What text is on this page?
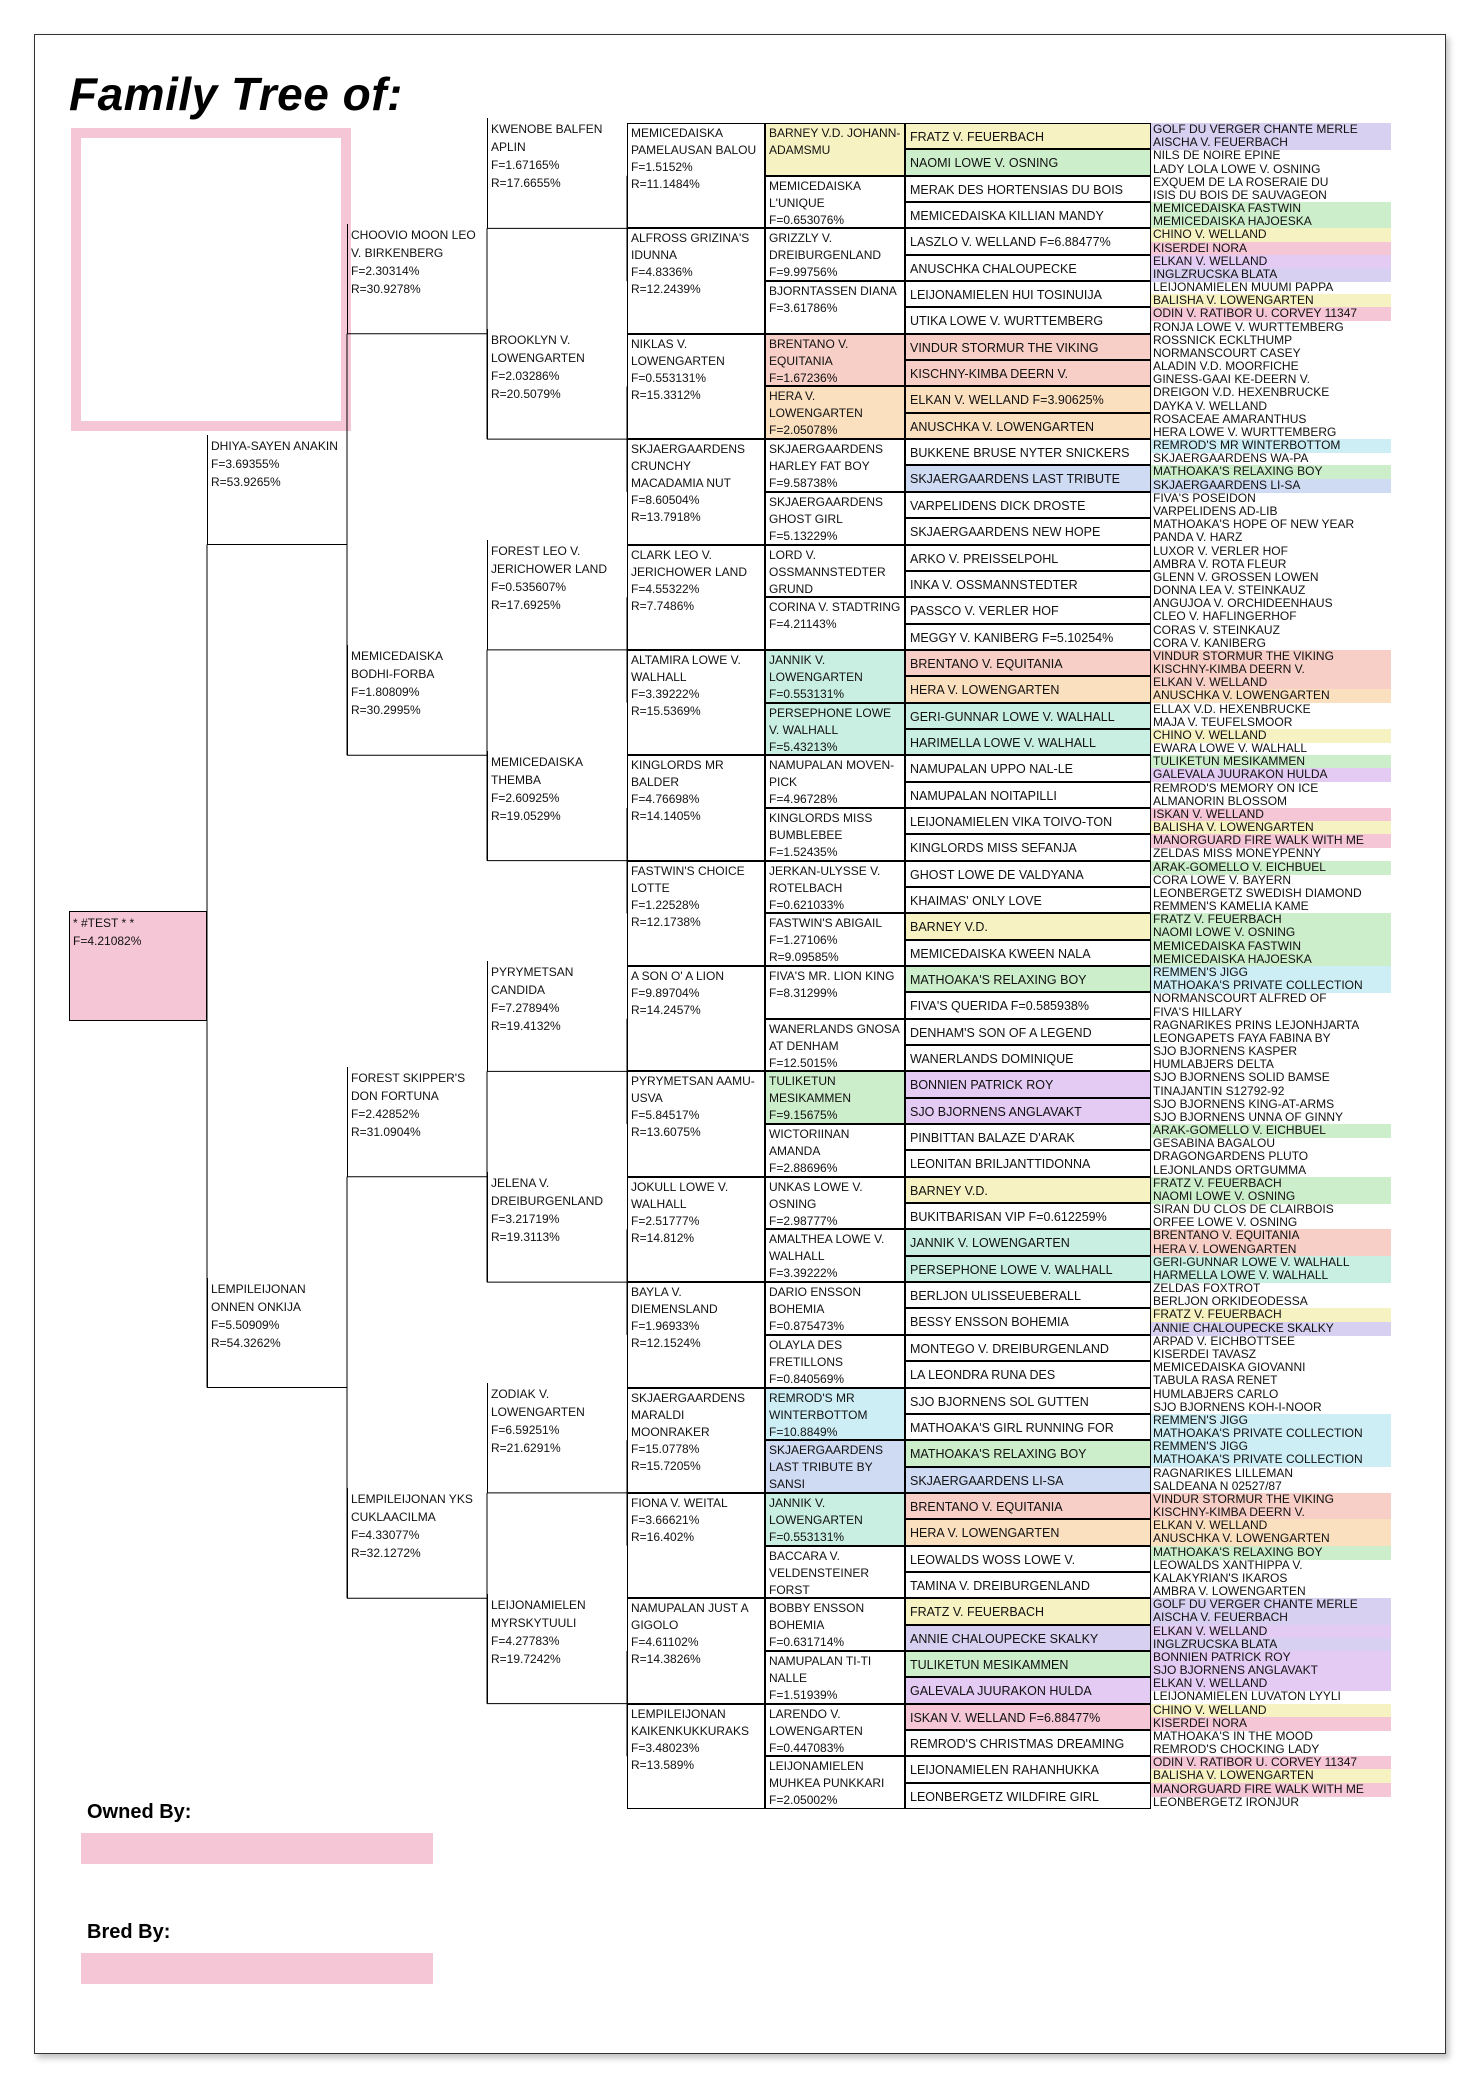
Family Tree of:
Owned By:
Bred By:
* #TEST * *
F=4.21082%
DHIYA-SAYEN ANAKIN
F=3.69355%
R=53.9265%
LEMPILEIJONAN ONNEN ONKIJA
F=5.50909%
R=54.3262%
CHOOVIO MOON LEO V. BIRKENBERG
F=2.30314%
R=30.9278%
MEMICEDAISKA BODHI-FORBA
F=1.80809%
R=30.2995%
FOREST SKIPPER'S DON FORTUNA
F=2.42852%
R=31.0904%
LEMPILEIJONAN YKS CUKLAACILMA
F=4.33077%
R=32.1272%
KWENOBE BALFEN APLIN
F=1.67165%
R=17.6655%
BROOKLYN V. LOWENGARTEN
F=2.03286%
R=20.5079%
FOREST LEO V. JERICHOWER LAND
F=0.535607%
R=17.6925%
MEMICEDAISKA THEMBA
F=2.60925%
R=19.0529%
PYRYMETSAN CANDIDA
F=7.27894%
R=19.4132%
JELENA V. DREIBURGENLAND
F=3.21719%
R=19.3113%
ZODIAK V. LOWENGARTEN
F=6.59251%
R=21.6291%
LEIJONAMIELEN MYRSKYTUULI
F=4.27783%
R=19.7242%
MEMICEDAISKA PAMELAUSAN BALOU
F=1.5152%
R=11.1484%
ALFROSS GRIZINA'S IDUNNA
F=4.8336%
R=12.2439%
NIKLAS V. LOWENGARTEN
F=0.553131%
R=15.3312%
SKJAERGAARDENS CRUNCHY MACADAMIA NUT
F=8.60504%
R=13.7918%
CLARK LEO V. JERICHOWER LAND
F=4.55322%
R=7.7486%
ALTAMIRA LOWE V. WALHALL
F=3.39222%
R=15.5369%
KINGLORDS MR BALDER
F=4.76698%
R=14.1405%
FASTWIN'S CHOICE LOTTE
F=1.22528%
R=12.1738%
A SON O' A LION
F=9.89704%
R=14.2457%
PYRYMETSAN AAMU-USVA
F=5.84517%
R=13.6075%
JOKULL LOWE V. WALHALL
F=2.51777%
R=14.812%
BAYLA V. DIEMENSLAND
F=1.96933%
R=12.1524%
SKJAERGAARDENS MARALDI MOONRAKER
F=15.0778%
R=15.7205%
FIONA V. WEITAL
F=3.66621%
R=16.402%
NAMUPALAN JUST A GIGOLO
F=4.61102%
R=14.3826%
LEMPILEIJONAN KAIKENKUKKURAKS
F=3.48023%
R=13.589%
BARNEY V.D. JOHANN-ADAMSMU
MEMICEDAISKA L'UNIQUE
F=0.653076%
GRIZZLY V. DREIBURGENLAND
F=9.99756%
BJORNTASSEN DIANA
F=3.61786%
BRENTANO V. EQUITANIA
F=1.67236%
HERA V. LOWENGARTEN
F=2.05078%
SKJAERGAARDENS HARLEY FAT BOY
F=9.58738%
SKJAERGAARDENS GHOST GIRL
F=5.13229%
LORD V. OSSMANNSTEDTER GRUND
CORINA V. STADTRING
F=4.21143%
JANNIK V. LOWENGARTEN
F=0.553131%
PERSEPHONE LOWE V. WALHALL
F=5.43213%
NAMUPALAN MOVEN-PICK
F=4.96728%
KINGLORDS MISS BUMBLEBEE
F=1.52435%
JERKAN-ULYSSE V. ROTELBACH
F=0.621033%
FASTWIN'S ABIGAIL
F=1.27106%
R=9.09585%
FIVA'S MR. LION KING
F=8.31299%
WANERLANDS GNOSA AT DENHAM
F=12.5015%
TULIKETUN MESIKAMMEN
F=9.15675%
WICTORIINAN AMANDA
F=2.88696%
UNKAS LOWE V. OSNING
F=2.98777%
AMALTHEA LOWE V. WALHALL
F=3.39222%
DARIO ENSSON BOHEMIA
F=0.875473%
OLAYLA DES FRETILLONS
F=0.840569%
REMROD'S MR WINTERBOTTOM
F=10.8849%
SKJAERGAARDENS LAST TRIBUTE BY SANSI
JANNIK V. LOWENGARTEN
F=0.553131%
BACCARA V. VELDENSTEINER FORST
BOBBY ENSSON BOHEMIA
F=0.631714%
NAMUPALAN TI-TI NALLE
F=1.51939%
LARENDO V. LOWENGARTEN
F=0.447083%
LEIJONAMIELEN MUHKEA PUNKKARI
F=2.05002%
FRATZ V. FEUERBACH
NAOMI LOWE V. OSNING
MERAK DES HORTENSIAS DU BOIS
MEMICEDAISKA KILLIAN MANDY
LASZLO V. WELLAND F=6.88477%
ANUSCHKA CHALOUPECKE
LEIJONAMIELEN HUI TOSINUIJA
UTIKA LOWE V. WURTTEMBERG
VINDUR STORMUR THE VIKING
KISCHNY-KIMBA DEERN V.
ELKAN V. WELLAND F=3.90625%
ANUSCHKA V. LOWENGARTEN
BUKKENE BRUSE NYTER SNICKERS
SKJAERGAARDENS LAST TRIBUTE
VARPELIDENS DICK DROSTE
SKJAERGAARDENS NEW HOPE
ARKO V. PREISSELPOHL
INKA V. OSSMANNSTEDTER
PASSCO V. VERLER HOF
MEGGY V. KANIBERG F=5.10254%
BRENTANO V. EQUITANIA
HERA V. LOWENGARTEN
GERI-GUNNAR LOWE V. WALHALL
HARIMELLA LOWE V. WALHALL
NAMUPALAN UPPO NAL-LE
NAMUPALAN NOITAPILLI
LEIJONAMIELEN VIKA TOIVO-TON
KINGLORDS MISS SEFANJA
GHOST LOWE DE VALDYANA
KHAIMAS' ONLY LOVE
BARNEY V.D.
MEMICEDAISKA KWEEN NALA
MATHOAKA'S RELAXING BOY
FIVA'S QUERIDA F=0.585938%
DENHAM'S SON OF A LEGEND
WANERLANDS DOMINIQUE
BONNIEN PATRICK ROY
SJO BJORNENS ANGLAVAKT
PINBITTAN BALAZE D'ARAK
LEONITAN BRILJANTTIDONNA
BARNEY V.D.
BUKITBARISAN VIP F=0.612259%
JANNIK V. LOWENGARTEN
PERSEPHONE LOWE V. WALHALL
BERLJON ULISSEUEBERALL
BESSY ENSSON BOHEMIA
MONTEGO V. DREIBURGENLAND
LA LEONDRA RUNA DES
SJO BJORNENS SOL GUTTEN
MATHOAKA'S GIRL RUNNING FOR
MATHOAKA'S RELAXING BOY
SKJAERGAARDENS LI-SA
BRENTANO V. EQUITANIA
HERA V. LOWENGARTEN
LEOWALDS WOSS LOWE V.
TAMINA V. DREIBURGENLAND
FRATZ V. FEUERBACH
ANNIE CHALOUPECKE SKALKY
TULIKETUN MESIKAMMEN
GALEVALA JUURAKON HULDA
ISKAN V. WELLAND F=6.88477%
REMROD'S CHRISTMAS DREAMING
LEIJONAMIELEN RAHANHUKKA
LEONBERGETZ WILDFIRE GIRL
GOLF DU VERGER CHANTE MERLE
AISCHA V. FEUERBACH
NILS DE NOIRE EPINE
LADY LOLA LOWE V. OSNING
EXQUEM DE LA ROSERAIE DU
ISIS DU BOIS DE SAUVAGEON
MEMICEDAISKA FASTWIN
MEMICEDAISKA HAJOESKA
CHINO V. WELLAND
KISERDEI NORA
ELKAN V. WELLAND
INGLZRUCSKA BLATA
LEIJONAMIELEN MUUMI PAPPA
BALISHA V. LOWENGARTEN
ODIN V. RATIBOR U. CORVEY 11347
RONJA LOWE V. WURTTEMBERG
ROSSNICK ECKLTHUMP
NORMANSCOURT CASEY
ALADIN V.D. MOORFICHE
GINESS-GAAI KE-DEERN V.
DREIGON V.D. HEXENBRUCKE
DAYKA V. WELLAND
ROSACEAE AMARANTHUS
HERA LOWE V. WURTTEMBERG
REMROD'S MR WINTERBOTTOM
SKJAERGAARDENS WA-PA
MATHOAKA'S RELAXING BOY
SKJAERGAARDENS LI-SA
FIVA'S POSEIDON
VARPELIDENS AD-LIB
MATHOAKA'S HOPE OF NEW YEAR
PANDA V. HARZ
LUXOR V. VERLER HOF
AMBRA V. ROTA FLEUR
GLENN V. GROSSEN LOWEN
DONNA LEA V. STEINKAUZ
ANGUJOA V. ORCHIDEENHAUS
CLEO V. HAFLINGERHOF
CORAS V. STEINKAUZ
CORA V. KANIBERG
VINDUR STORMUR THE VIKING
KISCHNY-KIMBA DEERN V.
ELKAN V. WELLAND
ANUSCHKA V. LOWENGARTEN
ELLAX V.D. HEXENBRUCKE
MAJA V. TEUFELSMOOR
CHINO V. WELLAND
EWARA LOWE V. WALHALL
TULIKETUN MESIKAMMEN
GALEVALA JUURAKON HULDA
REMROD'S MEMORY ON ICE
ALMANORIN BLOSSOM
ISKAN V. WELLAND
BALISHA V. LOWENGARTEN
MANORGUARD FIRE WALK WITH ME
ZELDAS MISS MONEYPENNY
ARAK-GOMELLO V. EICHBUEL
CORA LOWE V. BAYERN
LEONBERGETZ SWEDISH DIAMOND
REMMEN'S KAMELIA KAME
FRATZ V. FEUERBACH
NAOMI LOWE V. OSNING
MEMICEDAISKA FASTWIN
MEMICEDAISKA HAJOESKA
REMMEN'S JIGG
MATHOAKA'S PRIVATE COLLECTION
NORMANSCOURT ALFRED OF
FIVA'S HILLARY
RAGNARIKES PRINS LEJONHJARTA
LEONGAPETS FAYA FABINA BY
SJO BJORNENS KASPER
HUMLABJERS DELTA
SJO BJORNENS SOLID BAMSE
TINAJANTIN S12792-92
SJO BJORNENS KING-AT-ARMS
SJO BJORNENS UNNA OF GINNY
ARAK-GOMELLO V. EICHBUEL
GESABINA BAGALOU
DRAGONGARDENS PLUTO
LEJONLANDS ORTGUMMA
FRATZ V. FEUERBACH
NAOMI LOWE V. OSNING
SIRAN DU CLOS DE CLAIRBOIS
ORFEE LOWE V. OSNING
BRENTANO V. EQUITANIA
HERA V. LOWENGARTEN
GERI-GUNNAR LOWE V. WALHALL
HARMELLA LOWE V. WALHALL
ZELDAS FOXTROT
BERLJON ORKIDEODESSA
FRATZ V. FEUERBACH
ANNIE CHALOUPECKE SKALKY
ARPAD V. EICHBOTTSEE
KISERDEI TAVASZ
MEMICEDAISKA GIOVANNI
TABULA RASA RENET
HUMLABJERS CARLO
SJO BJORNENS KOH-I-NOOR
REMMEN'S JIGG
MATHOAKA'S PRIVATE COLLECTION
REMMEN'S JIGG
MATHOAKA'S PRIVATE COLLECTION
RAGNARIKES LILLEMAN
SALDEANA N 02527/87
VINDUR STORMUR THE VIKING
KISCHNY-KIMBA DEERN V.
ELKAN V. WELLAND
ANUSCHKA V. LOWENGARTEN
MATHOAKA'S RELAXING BOY
LEOWALDS XANTHIPPA V.
KALAKYRIAN'S IKAROS
AMBRA V. LOWENGARTEN
GOLF DU VERGER CHANTE MERLE
AISCHA V. FEUERBACH
ELKAN V. WELLAND
INGLZRUCSKA BLATA
BONNIEN PATRICK ROY
SJO BJORNENS ANGLAVAKT
ELKAN V. WELLAND
LEIJONAMIELEN LUVATON LYYLI
CHINO V. WELLAND
KISERDEI NORA
MATHOAKA'S IN THE MOOD
REMROD'S CHOCKING LADY
ODIN V. RATIBOR U. CORVEY 11347
BALISHA V. LOWENGARTEN
MANORGUARD FIRE WALK WITH ME
LEONBERGETZ IRONJUR
